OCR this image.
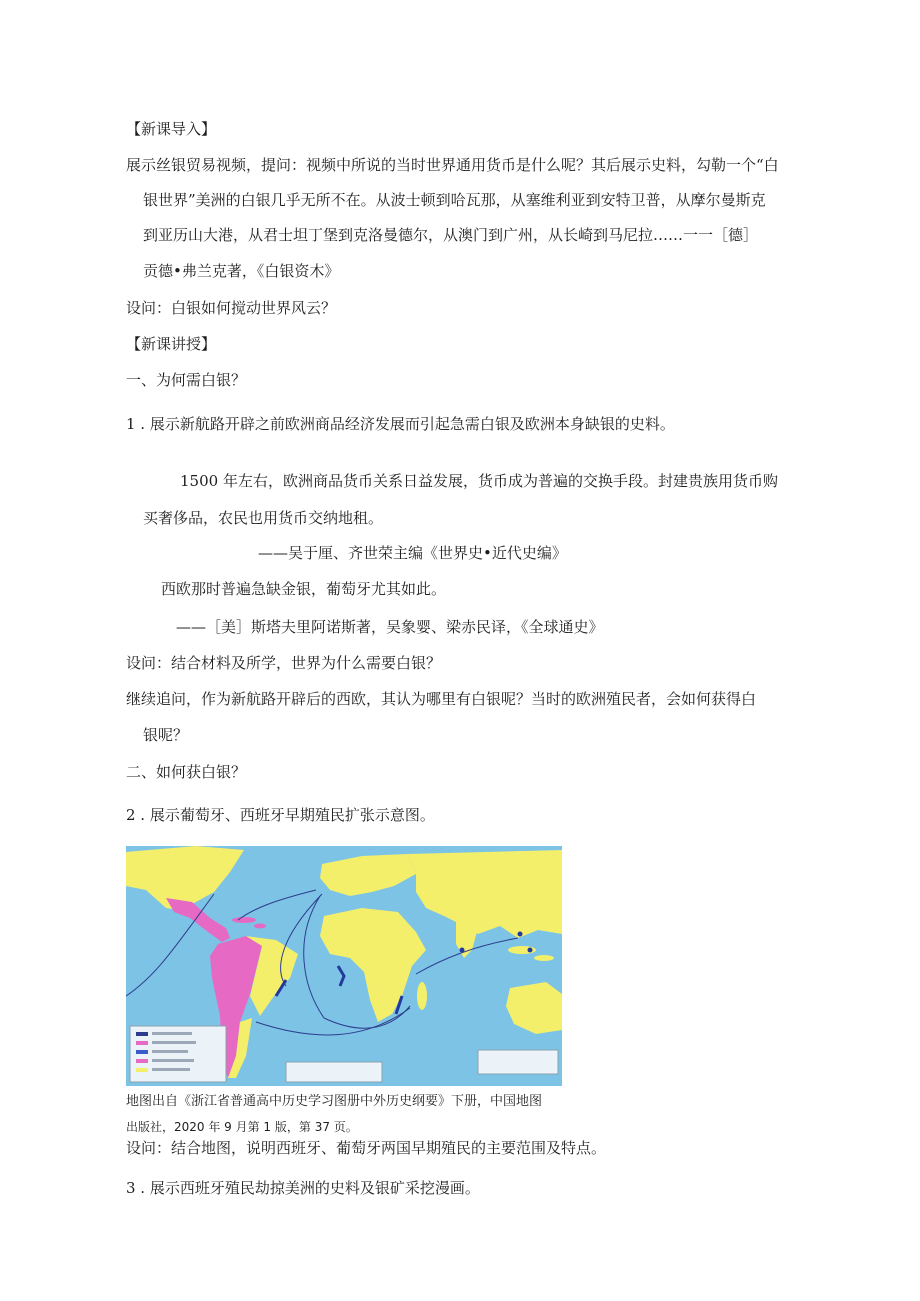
【新课导入】
展示丝银贸易视频，提问：视频中所说的当时世界通用货币是什么呢？其后展示史料，勾勒一个“白
银世界”美洲的白银几乎无所不在。从波士顿到哈瓦那，从塞维利亚到安特卫普，从摩尔曼斯克
到亚历山大港，从君士坦丁堡到克洛曼德尔，从澳门到广州，从长崎到马尼拉……一一［德］
贡德•弗兰克著，《白银资木》
设问：白银如何搅动世界风云？
【新课讲授】
一、为何需白银？
1 . 展示新航路开辟之前欧洲商品经济发展而引起急需白银及欧洲本身缺银的史料。
1500 年左右，欧洲商品货币关系日益发展，货币成为普遍的交换手段。封建贵族用货币购
买奢侈品，农民也用货币交纳地租。
——吴于厘、齐世荣主编《世界史•近代史编》
西欧那时普遍急缺金银，葡萄牙尤其如此。
——［美］斯塔夫里阿诺斯著，吴象婴、梁赤民译，《全球通史》
设问：结合材料及所学，世界为什么需要白银？
继续追问，作为新航路开辟后的西欧，其认为哪里有白银呢？当时的欧洲殖民者，会如何获得白
银呢？
二、如何获白银？
2 . 展示葡萄牙、西班牙早期殖民扩张示意图。
地图出自《浙江省普通高中历史学习图册中外历史纲要》下册，中国地图
出版社，2020 年 9 月第 1 版，第 37 页。
设问：结合地图，说明西班牙、葡萄牙两国早期殖民的主要范围及特点。
3 . 展示西班牙殖民劫掠美洲的史料及银矿采挖漫画。
